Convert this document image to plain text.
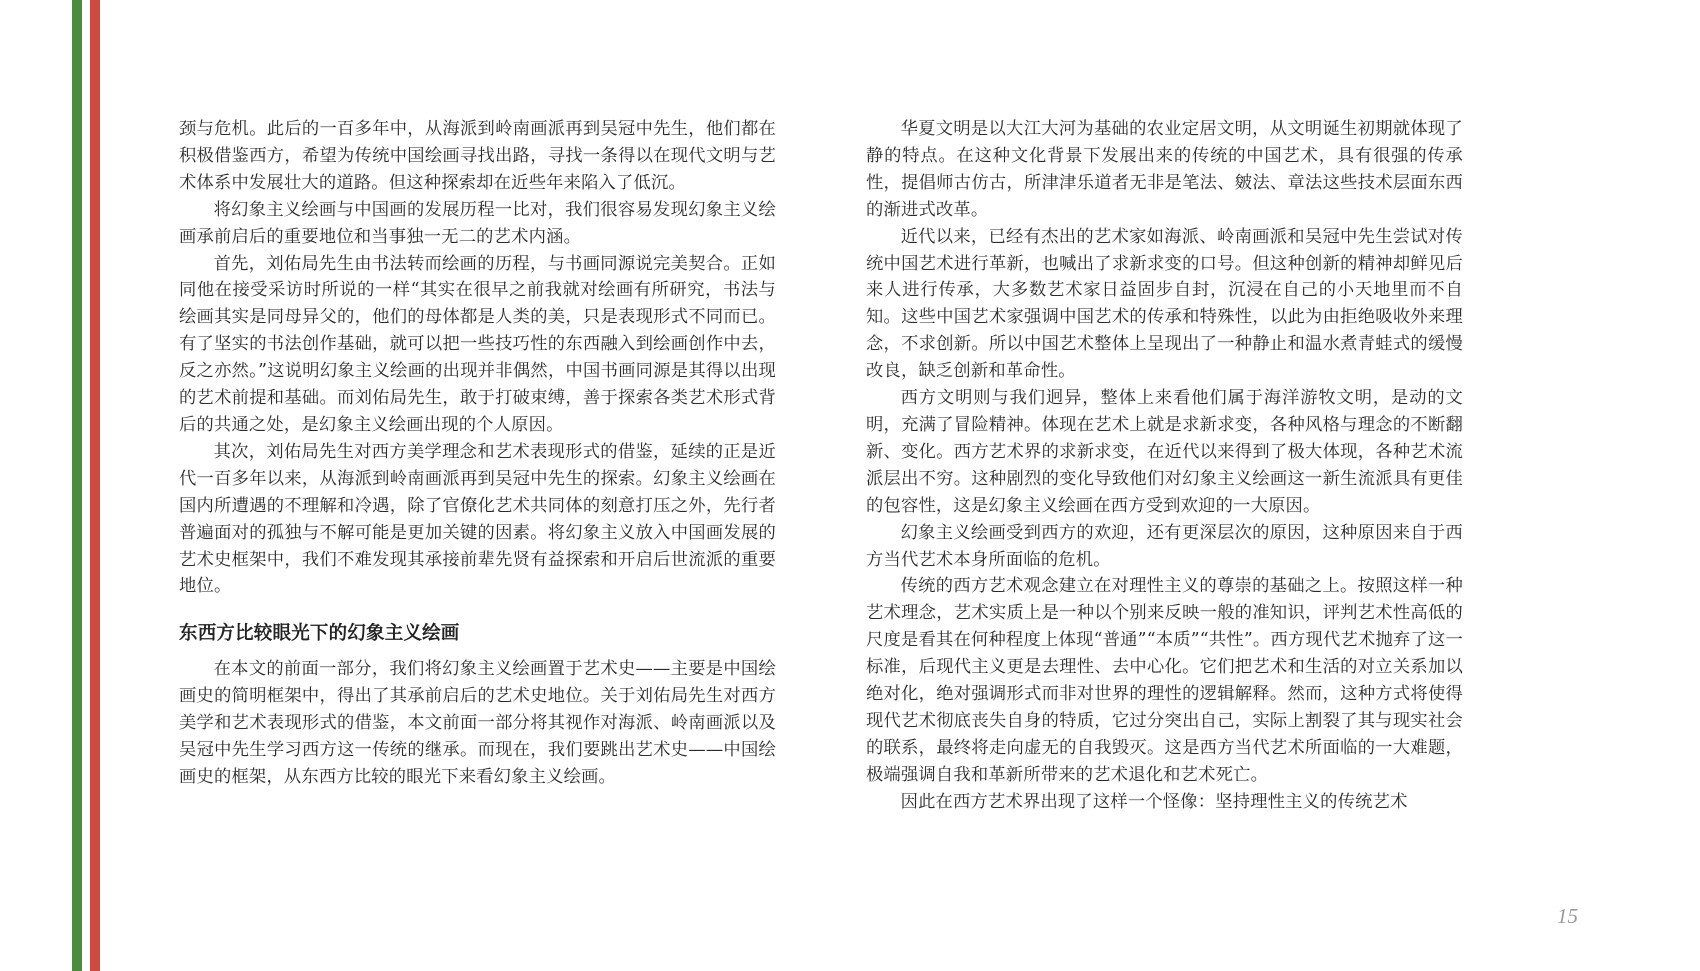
颈与危机。此后的一百多年中，从海派到岭南画派再到吴冠中先生，他们都在积极借鉴西方，希望为传统中国绘画寻找出路，寻找一条得以在现代文明与艺术体系中发展壮大的道路。但这种探索却在近些年来陷入了低沉。

将幻象主义绘画与中国画的发展历程一比对，我们很容易发现幻象主义绘画承前启后的重要地位和当事独一无二的艺术内涵。

首先，刘佑局先生由书法转而绘画的历程，与书画同源说完美契合。正如同他在接受采访时所说的一样“其实在很早之前我就对绘画有所研究，书法与绘画其实是同母异父的，他们的母体都是人类的美，只是表现形式不同而已。有了坚实的书法创作基础，就可以把一些技巧性的东西融入到绘画创作中去，反之亦然。”这说明幻象主义绘画的出现并非偶然，中国书画同源是其得以出现的艺术前提和基础。而刘佑局先生，敢于打破束缚，善于探索各类艺术形式背后的共通之处，是幻象主义绘画出现的个人原因。

其次，刘佑局先生对西方美学理念和艺术表现形式的借鉴，延续的正是近代一百多年以来，从海派到岭南画派再到吴冠中先生的探索。幻象主义绘画在国内所遭遇的不理解和冷遇，除了官僚化艺术共同体的刻意打压之外，先行者普遍面对的孤独与不解可能是更加关键的因素。将幻象主义放入中国画发展的艺术史框架中，我们不难发现其承接前辈先贤有益探索和开启后世流派的重要地位。

东西方比较眼光下的幻象主义绘画

在本文的前面一部分，我们将幻象主义绘画置于艺术史——主要是中国绘画史的简明框架中，得出了其承前启后的艺术史地位。关于刘佑局先生对西方美学和艺术表现形式的借鉴，本文前面一部分将其视作对海派、岭南画派以及吴冠中先生学习西方这一传统的继承。而现在，我们要跳出艺术史——中国绘画史的框架，从东西方比较的眼光下来看幻象主义绘画。

华夏文明是以大江大河为基础的农业定居文明，从文明诞生初期就体现了静的特点。在这种文化背景下发展出来的传统的中国艺术，具有很强的传承性，提倡师古仿古，所津津乐道者无非是笔法、皴法、章法这些技术层面东西的渐进式改革。

近代以来，已经有杰出的艺术家如海派、岭南画派和吴冠中先生尝试对传统中国艺术进行革新，也喊出了求新求变的口号。但这种创新的精神却鲜见后来人进行传承，大多数艺术家日益固步自封，沉浸在自己的小天地里而不自知。这些中国艺术家强调中国艺术的传承和特殊性，以此为由拒绝吸收外来理念，不求创新。所以中国艺术整体上呈现出了一种静止和温水煮青蛙式的缓慢改良，缺乏创新和革命性。

西方文明则与我们迥异，整体上来看他们属于海洋游牧文明，是动的文明，充满了冒险精神。体现在艺术上就是求新求变，各种风格与理念的不断翻新、变化。西方艺术界的求新求变，在近代以来得到了极大体现，各种艺术流派层出不穷。这种剧烈的变化导致他们对幻象主义绘画这一新生流派具有更佳的包容性，这是幻象主义绘画在西方受到欢迎的一大原因。

幻象主义绘画受到西方的欢迎，还有更深层次的原因，这种原因来自于西方当代艺术本身所面临的危机。

传统的西方艺术观念建立在对理性主义的尊崇的基础之上。按照这样一种艺术理念，艺术实质上是一种以个别来反映一般的准知识，评判艺术性高低的尺度是看其在何种程度上体现“普通”“本质”“共性”。西方现代艺术抛弃了这一标准，后现代主义更是去理性、去中心化。它们把艺术和生活的对立关系加以绝对化，绝对强调形式而非对世界的理性的逻辑解释。然而，这种方式将使得现代艺术彻底丧失自身的特质，它过分突出自己，实际上割裂了其与现实社会的联系，最终将走向虚无的自我毁灭。这是西方当代艺术所面临的一大难题，极端强调自我和革新所带来的艺术退化和艺术死亡。

因此在西方艺术界出现了这样一个怪像：坚持理性主义的传统艺术

15
